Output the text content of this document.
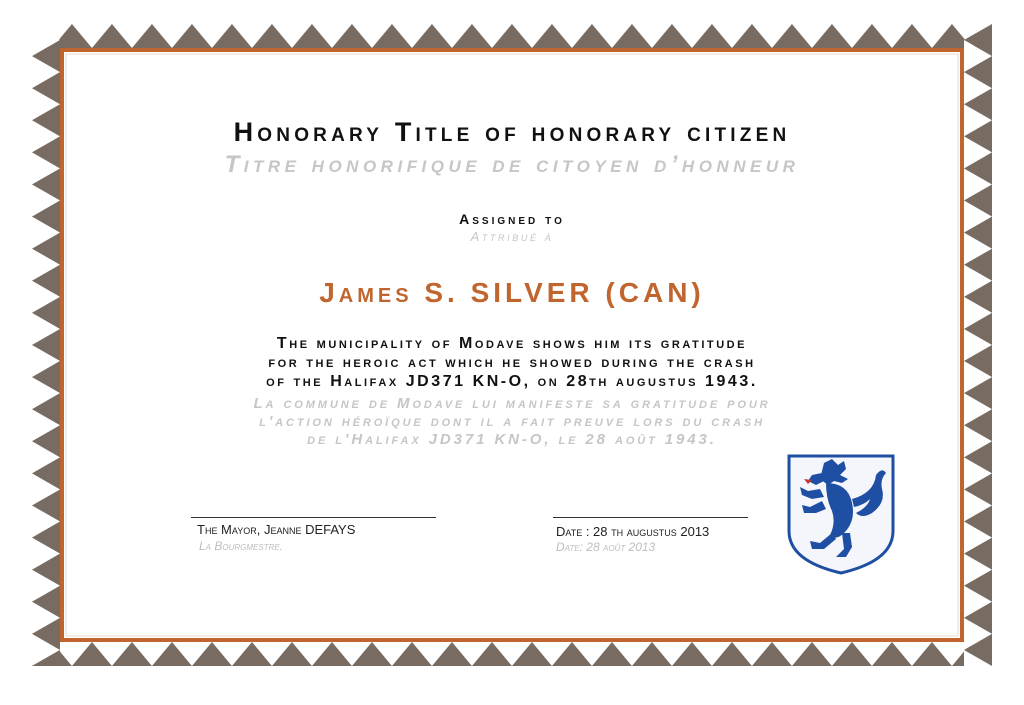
Honorary Title of honorary citizen
Titre honorifique de citoyen d’honneur
Assigned to
Attribué à
James S. SILVER (CAN)
The municipality of Modave shows him its gratitude
for the heroic act which he showed during the crash
of the Halifax JD371 KN-O, on 28th augustus 1943.
La commune de Modave lui manifeste sa gratitude pour
l'action héroïque dont il a fait preuve lors du crash
de l'Halifax JD371 KN-O, le 28 août 1943.
The Mayor, Jeanne DEFAYS
La Bourgmestre.
Date : 28 th augustus 2013
Date: 28 août 2013
